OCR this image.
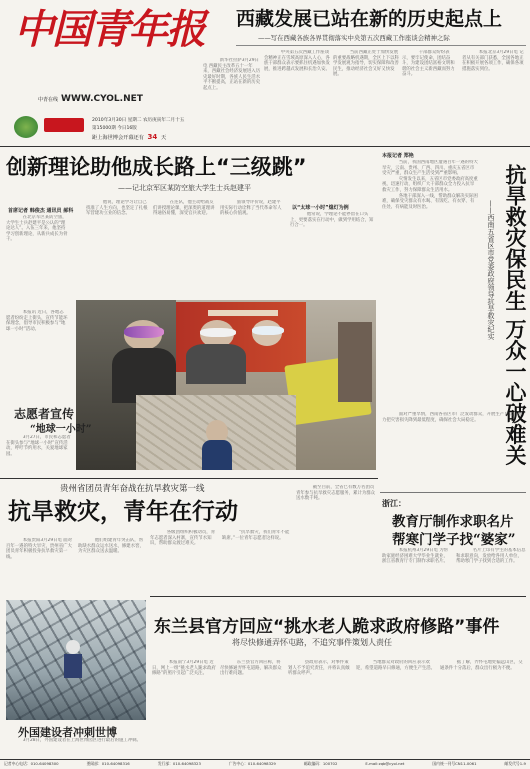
中国青年报
中青在线 WWW.CYOL.NET
2010年3月30日 星期二 农历庚寅年二月十五
第15000期 今日16版
距上海世博会开幕还有 34 天
西藏发展已站在新的历史起点上
——写在西藏各族各界贯彻落实中央第五次西藏工作座谈会精神之际

　　新华社拉萨3月29日电 西藏民主改革五十一年来，西藏社会经济发展进入历史最好时期，各族人民生活水平不断提高，正站在新的历史起点上。

　　中央第五次西藏工作座谈会精神正在雪域高原深入人心，各族干部群众表示要抓住机遇加快发展，推进跨越式发展和长治久安。

　　当前西藏正处于加快发展的重要战略机遇期，全区上下以科学发展观为指导，切实保障和改善民生，推动经济社会又好又快发展。

　　干部群众纷纷表示，要牢记使命，团结奋斗，为建设团结富裕文明和谐的社会主义新西藏而努力奋斗。

　　本报北京3月29日电 记者从有关部门获悉，全国各地正在积极开展各项工作，确保各项措施落实到位。

创新理论助他成长路上“三级跳”
——记北京军区某防空旅大学生士兵赵建平
首席记者 韩俊杰 通讯员 郝科

　　在北京军区某防空旅，大学生士兵赵建平是公认的“理论达人”。入伍三年来，他坚持学习创新理论，从新兵成长为骨干。

　　他说，理论学习让自己找准了人生方向，也坚定了扎根军营建功立业的信念。

　　在连队，他主动给战友们讲授理论课，把深奥的道理讲得通俗易懂，深受官兵欢迎。

　　旅领导评价说，赵建平用实际行动诠释了当代革命军人的核心价值观。

以“太球一小时”熄灯为例

　　他常说，学理论不能停留在口头上，更要落实在行动中，做到学用结合，知行合一。

　　本报讯 近日，各地志愿者纷纷走上街头，宣传节能环保理念，倡导市民积极参与“地球一小时”活动。

志愿者宣传
“地球一小时”

　　3月27日，市民和志愿者在街头参与“地球一小时”宣传活动，呼吁节约用水，关爱地球家园。	抗旱救灾保民生 万众一心破难关
——西南五省区市党委政府领导抗旱救灾纪实
本报记者 郑艳

　　当前，我国西南地区遭遇百年一遇的特大旱灾，云南、贵州、广西、四川、重庆五省区市受灾严重，群众生产生活受到严重影响。

　　灾情发生以来，五省区市党委政府高度重视，迅速行动，组织广大干部群众全力投入抗旱救灾工作，努力保障群众生活用水。

　　各地干部深入一线，帮助群众解决实际困难，确保受灾群众有水喝、有饭吃、有衣穿、有住处、有病能及时医治。

　　面对严重旱情，西南各省区市广泛发动群众，开展生产自救，努力把灾害损失降到最低程度，确保社会大局稳定。

贵州省团员青年奋战在抗旱救灾第一线
抗旱救灾，青年在行动

　　本报贵阳3月29日电 面对百年一遇的特大旱灾，贵州省广大团员青年积极投身抗旱救灾第一线。

　　他们组建青年突击队，帮助缺水群众运水送水，修建水窖，为灾区群众送去温暖。

　　各级团组织积极动员，青年志愿者深入村寨，宣传节水知识，帮助群众渡过难关。

　　“抗旱救灾，我们青年不能缺席。”一位青年志愿者这样说。

　　截至目前，全省已有数万名团员青年参与抗旱救灾志愿服务，累计为群众送水数千吨。

浙江：
教育厅制作求职名片
帮寒门学子找“婆家”

　　本报杭州3月29日电 为帮助家庭经济困难大学毕业生就业，浙江省教育厅专门制作求职名片。

　　名片上印有学生的基本信息和求职意向，发放给各用人单位，帮助寒门学子找到合适的工作。

东兰县官方回应“挑水老人跪求政府修路”事件
将尽快修通弄怀屯路，不追究事件策划人责任

　　本报南宁3月29日电 近日，网上一组“挑水老人跪求政府修路”的照片引起广泛关注。

　　东兰县官方回应称，将尽快修通弄怀屯道路，解决群众出行难问题。

　　县政府表示，对事件策划人不予追究责任，并将认真倾听群众呼声。

　　当地群众对政府的回应表示欢迎，希望道路早日修通，方便生产生活。

　　据了解，弄怀屯地处偏远山区，交通条件十分落后，群众出行极为不便。

外国建设者冲刺世博

　　3月28日，外国建设者在上海世博园区进行最后的施工冲刺。

记者中心电话：010-64098300	要闻部：010-64098316	发行部：010-64098323	广告中心：010-64098329	邮政编码：100702	E-mail:zqb@cyol.net	国内统一刊号CN11-0061	邮发代号1-9
